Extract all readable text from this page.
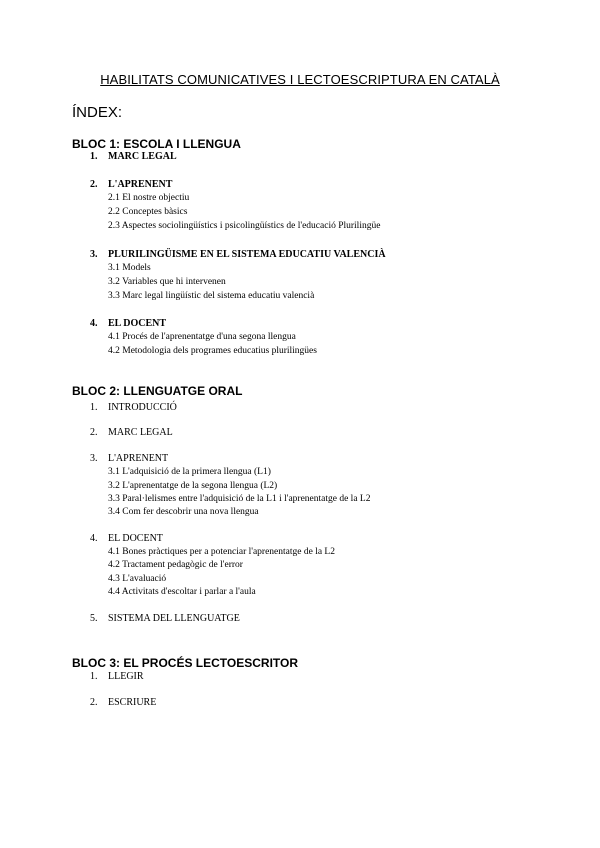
HABILITATS COMUNICATIVES I LECTOESCRIPTURA EN CATALÀ
ÍNDEX:
BLOC 1: ESCOLA I LLENGUA
1. MARC LEGAL
2. L'APRENENT
2.1 El nostre objectiu
2.2 Conceptes bàsics
2.3 Aspectes sociolingüístics i psicolingüístics de l'educació Plurilingüe
3. PLURILINGÜISME EN EL SISTEMA EDUCATIU VALENCIÀ
3.1 Models
3.2 Variables que hi intervenen
3.3 Marc legal lingüístic del sistema educatiu valencià
4. EL DOCENT
4.1 Procés de l'aprenentatge d'una segona llengua
4.2 Metodologia dels programes educatius plurilingües
BLOC 2: LLENGUATGE ORAL
1. INTRODUCCIÓ
2. MARC LEGAL
3. L'APRENENT
3.1 L'adquisició de la primera llengua (L1)
3.2 L'aprenentatge de la segona llengua (L2)
3.3 Paral·lelismes entre l'adquisició de la L1 i l'aprenentatge de la L2
3.4 Com fer descobrir una nova llengua
4. EL DOCENT
4.1 Bones pràctiques per a potenciar l'aprenentatge de la L2
4.2 Tractament pedagògic de l'error
4.3 L'avaluació
4.4 Activitats d'escoltar i parlar a l'aula
5. SISTEMA DEL LLENGUATGE
BLOC 3: EL PROCÉS LECTOESCRITOR
1. LLEGIR
2. ESCRIURE
